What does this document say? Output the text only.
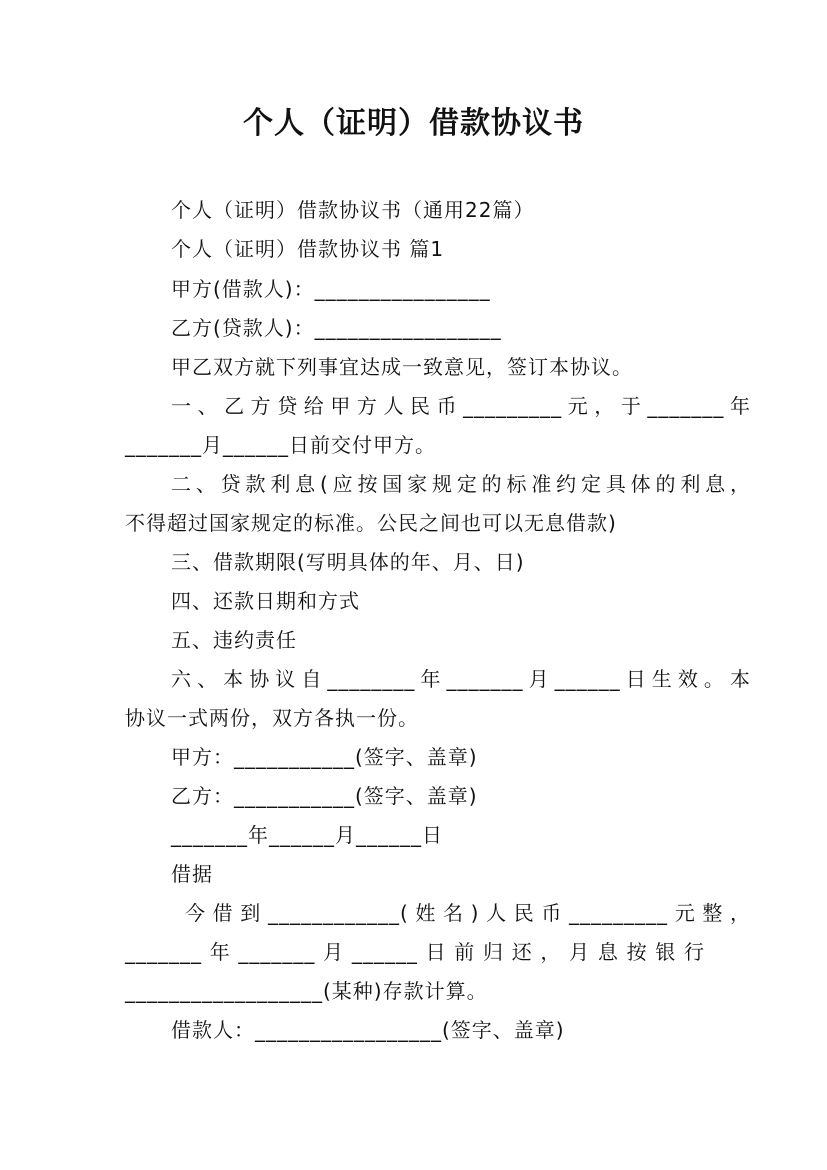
个人（证明）借款协议书
个人（证明）借款协议书（通用22篇）
个人（证明）借款协议书 篇1
甲方(借款人)：________________
乙方(贷款人)：_________________
甲乙双方就下列事宜达成一致意见，签订本协议。
一、乙方贷给甲方人民币_________元，于_______年
_______月______日前交付甲方。
二、贷款利息(应按国家规定的标准约定具体的利息，
不得超过国家规定的标准。公民之间也可以无息借款)
三、借款期限(写明具体的年、月、日)
四、还款日期和方式
五、违约责任
六、本协议自________年_______月______日生效。本
协议一式两份，双方各执一份。
甲方：___________(签字、盖章)
乙方：___________(签字、盖章)
_______年______月______日
借据
今借到____________(姓名)人民币_________元整，
_______年_______月______日前归还，月息按银行
__________________(某种)存款计算。
借款人：_________________(签字、盖章)
